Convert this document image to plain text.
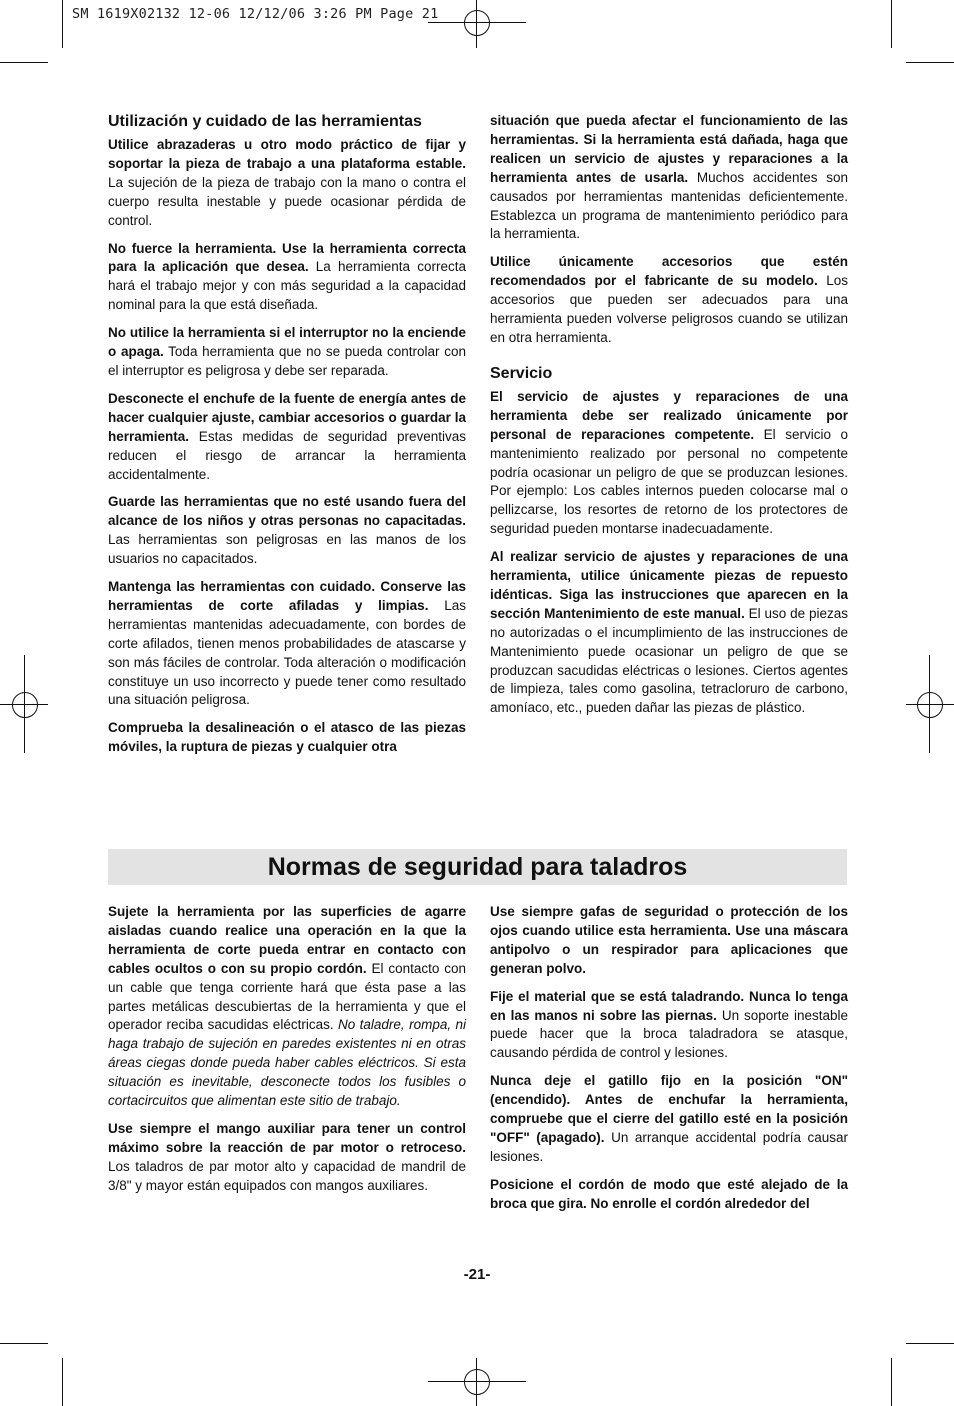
SM 1619X02132 12-06 12/12/06 3:26 PM Page 21
Utilización y cuidado de las herramientas

Utilice abrazaderas u otro modo práctico de fijar y soportar la pieza de trabajo a una plataforma estable. La sujeción de la pieza de trabajo con la mano o contra el cuerpo resulta inestable y puede ocasionar pérdida de control.

No fuerce la herramienta. Use la herramienta correcta para la aplicación que desea. La herramienta correcta hará el trabajo mejor y con más seguridad a la capacidad nominal para la que está diseñada.

No utilice la herramienta si el interruptor no la enciende o apaga. Toda herramienta que no se pueda controlar con el interruptor es peligrosa y debe ser reparada.

Desconecte el enchufe de la fuente de energía antes de hacer cualquier ajuste, cambiar accesorios o guardar la herramienta. Estas medidas de seguridad preventivas reducen el riesgo de arrancar la herramienta accidentalmente.

Guarde las herramientas que no esté usando fuera del alcance de los niños y otras personas no capacitadas. Las herramientas son peligrosas en las manos de los usuarios no capacitados.

Mantenga las herramientas con cuidado. Conserve las herramientas de corte afiladas y limpias. Las herramientas mantenidas adecuadamente, con bordes de corte afilados, tienen menos probabilidades de atascarse y son más fáciles de controlar. Toda alteración o modificación constituye un uso incorrecto y puede tener como resultado una situación peligrosa.

Comprueba la desalineación o el atasco de las piezas móviles, la ruptura de piezas y cualquier otra

situación que pueda afectar el funcionamiento de las herramientas. Si la herramienta está dañada, haga que realicen un servicio de ajustes y reparaciones a la herramienta antes de usarla. Muchos accidentes son causados por herramientas mantenidas deficientemente. Establezca un programa de mantenimiento periódico para la herramienta.

Utilice únicamente accesorios que estén recomendados por el fabricante de su modelo. Los accesorios que pueden ser adecuados para una herramienta pueden volverse peligrosos cuando se utilizan en otra herramienta.

Servicio

El servicio de ajustes y reparaciones de una herramienta debe ser realizado únicamente por personal de reparaciones competente. El servicio o mantenimiento realizado por personal no competente podría ocasionar un peligro de que se produzcan lesiones. Por ejemplo: Los cables internos pueden colocarse mal o pellizcarse, los resortes de retorno de los protectores de seguridad pueden montarse inadecuadamente.

Al realizar servicio de ajustes y reparaciones de una herramienta, utilice únicamente piezas de repuesto idénticas. Siga las instrucciones que aparecen en la sección Mantenimiento de este manual. El uso de piezas no autorizadas o el incumplimiento de las instrucciones de Mantenimiento puede ocasionar un peligro de que se produzcan sacudidas eléctricas o lesiones. Ciertos agentes de limpieza, tales como gasolina, tetracloruro de carbono, amoníaco, etc., pueden dañar las piezas de plástico.

Normas de seguridad para taladros

Sujete la herramienta por las superficies de agarre aisladas cuando realice una operación en la que la herramienta de corte pueda entrar en contacto con cables ocultos o con su propio cordón. El contacto con un cable que tenga corriente hará que ésta pase a las partes metálicas descubiertas de la herramienta y que el operador reciba sacudidas eléctricas. No taladre, rompa, ni haga trabajo de sujeción en paredes existentes ni en otras áreas ciegas donde pueda haber cables eléctricos. Si esta situación es inevitable, desconecte todos los fusibles o cortacircuitos que alimentan este sitio de trabajo.

Use siempre el mango auxiliar para tener un control máximo sobre la reacción de par motor o retroceso. Los taladros de par motor alto y capacidad de mandril de 3/8" y mayor están equipados con mangos auxiliares.

Use siempre gafas de seguridad o protección de los ojos cuando utilice esta herramienta. Use una máscara antipolvo o un respirador para aplicaciones que generan polvo.

Fije el material que se está taladrando. Nunca lo tenga en las manos ni sobre las piernas. Un soporte inestable puede hacer que la broca taladradora se atasque, causando pérdida de control y lesiones.

Nunca deje el gatillo fijo en la posición "ON" (encendido). Antes de enchufar la herramienta, compruebe que el cierre del gatillo esté en la posición "OFF" (apagado). Un arranque accidental podría causar lesiones.

Posicione el cordón de modo que esté alejado de la broca que gira. No enrolle el cordón alrededor del

-21-
